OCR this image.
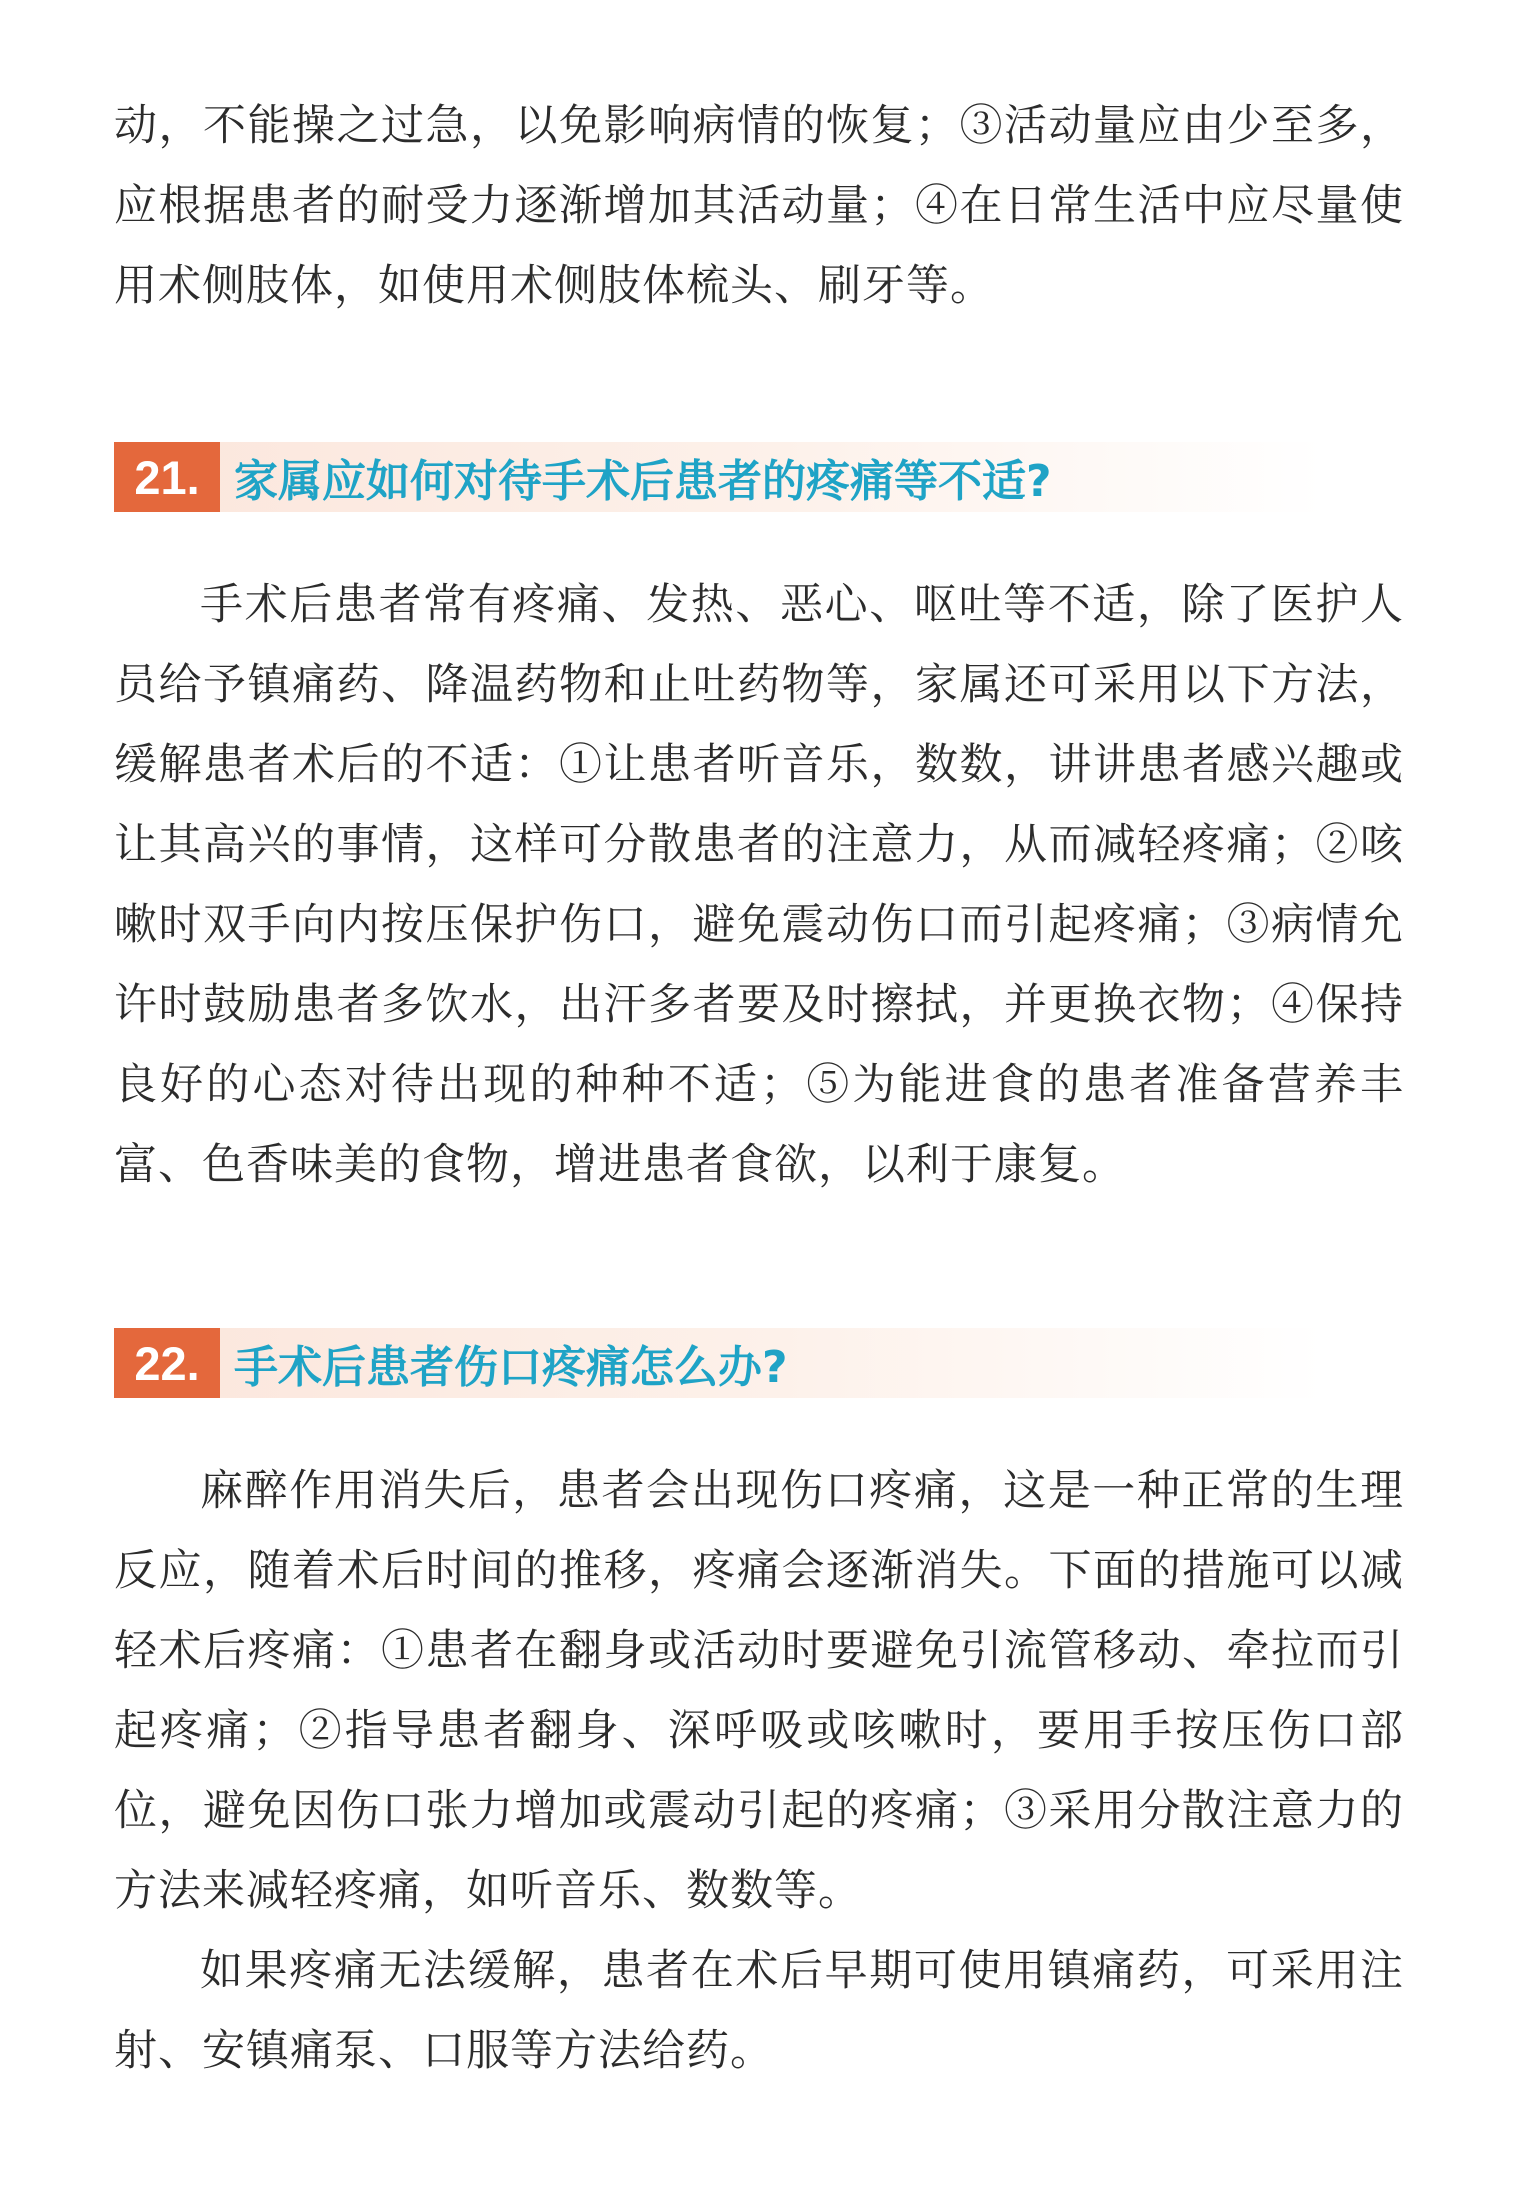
动，不能操之过急，以免影响病情的恢复；③活动量应由少至多，应根据患者的耐受力逐渐增加其活动量；④在日常生活中应尽量使用术侧肢体，如使用术侧肢体梳头、刷牙等。

21. 家属应如何对待手术后患者的疼痛等不适?

手术后患者常有疼痛、发热、恶心、呕吐等不适，除了医护人员给予镇痛药、降温药物和止吐药物等，家属还可采用以下方法，缓解患者术后的不适：①让患者听音乐，数数，讲讲患者感兴趣或让其高兴的事情，这样可分散患者的注意力，从而减轻疼痛；②咳嗽时双手向内按压保护伤口，避免震动伤口而引起疼痛；③病情允许时鼓励患者多饮水，出汗多者要及时擦拭，并更换衣物；④保持良好的心态对待出现的种种不适；⑤为能进食的患者准备营养丰富、色香味美的食物，增进患者食欲，以利于康复。

22. 手术后患者伤口疼痛怎么办?

麻醉作用消失后，患者会出现伤口疼痛，这是一种正常的生理反应，随着术后时间的推移，疼痛会逐渐消失。下面的措施可以减轻术后疼痛：①患者在翻身或活动时要避免引流管移动、牵拉而引起疼痛；②指导患者翻身、深呼吸或咳嗽时，要用手按压伤口部位，避免因伤口张力增加或震动引起的疼痛；③采用分散注意力的方法来减轻疼痛，如听音乐、数数等。

如果疼痛无法缓解，患者在术后早期可使用镇痛药，可采用注射、安镇痛泵、口服等方法给药。
